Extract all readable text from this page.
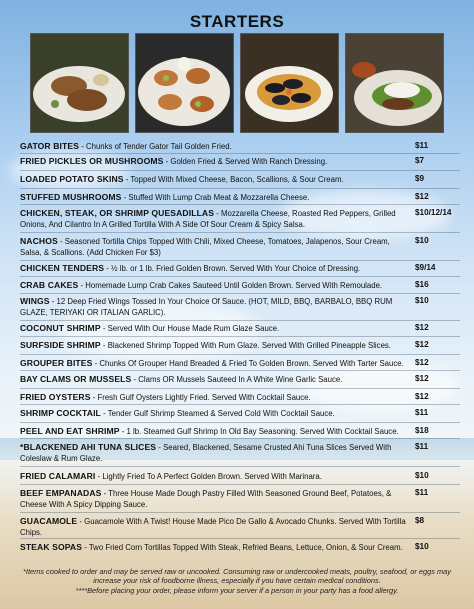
STARTERS
GATOR BITES - Chunks of Tender Gator Tail Golden Fried.	$11
FRIED PICKLES OR MUSHROOMS - Golden Fried & Served With Ranch Dressing.	$7
LOADED POTATO SKINS - Topped With Mixed Cheese, Bacon, Scallions, & Sour Cream.	$9
STUFFED MUSHROOMS - Stuffed With Lump Crab Meat & Mozzarella Cheese.	$12
CHICKEN, STEAK, OR SHRIMP QUESADILLAS - Mozzarella Cheese, Roasted Red Peppers, Grilled Onions, And Cilantro In A Grilled Tortilla With A Side Of Sour Cream & Spicy Salsa.
$10/12/14
NACHOS - Seasoned Tortilla Chips Topped With Chili, Mixed Cheese, Tomatoes, Jalapenos, Sour Cream, Salsa, & Scallions. (Add Chicken For $3)
$10
CHICKEN TENDERS - ½ lb. or 1 lb. Fried Golden Brown. Served With Your Choice of Dressing.	$9/14
CRAB CAKES - Homemade Lump Crab Cakes Sauteed Until Golden Brown. Served With Remoulade.	$16
WINGS - 12 Deep Fried Wings Tossed In Your Choice Of Sauce. (HOT, MILD, BBQ, BARBALO, BBQ RUM GLAZE, TERIYAKI OR ITALIAN GARLIC).
$10
COCONUT SHRIMP - Served With Our House Made Rum Glaze Sauce.	$12
SURFSIDE SHRIMP - Blackened Shrimp Topped With Rum Glaze. Served With Grilled Pineapple Slices.	$12
GROUPER BITES - Chunks Of Grouper Hand Breaded & Fried To Golden Brown. Served With Tarter Sauce.	$12
BAY CLAMS OR MUSSELS - Clams OR Mussels Sauteed In A White Wine Garlic Sauce.	$12
FRIED OYSTERS - Fresh Gulf Oysters Lightly Fried. Served With Cocktail Sauce.	$12
SHRIMP COCKTAIL - Tender Gulf Shrimp Steamed & Served Cold With Cocktail Sauce.	$11
PEEL AND EAT SHRIMP - 1 lb. Steamed Gulf Shrimp In Old Bay Seasoning. Served With Cocktail Sauce.	$18
*BLACKENED AHI TUNA SLICES - Seared, Blackened, Sesame Crusted Ahi Tuna Slices Served With Coleslaw & Rum Glaze.
$11
FRIED CALAMARI - Lightly Fried To A Perfect Golden Brown. Served With Marinara.	$10
BEEF EMPANADAS - Three House Made Dough Pastry Filled With Seasoned Ground Beef, Potatoes, & Cheese With A Spicy Dipping Sauce.
$11
GUACAMOLE - Guacamole With A Twist! House Made Pico De Gallo & Avocado Chunks. Served With Tortilla Chips.
$8
STEAK SOPAS - Two Fried Corn Tortillas Topped With Steak, Refried Beans, Lettuce, Onion, & Sour Cream.	$10
*Items cooked to order and may be served raw or uncooked. Consuming raw or undercooked meats, poultry, seafood, or eggs may
increase your risk of foodborne illness, especially if you have certain medical conditions.
****Before placing your order, please inform your server if a person in your party has a food allergy.
